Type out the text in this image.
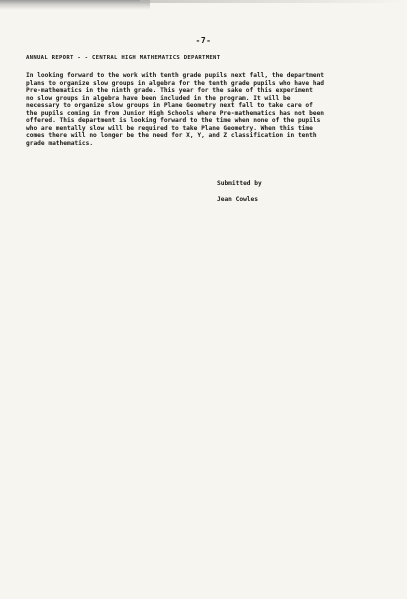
-7-
ANNUAL REPORT - - CENTRAL HIGH MATHEMATICS DEPARTMENT
In looking forward to the work with tenth grade pupils next fall, the department
plans to organize slow groups in algebra for the tenth grade pupils who have had
Pre-mathematics in the ninth grade. This year for the sake of this experiment
no slow groups in algebra have been included in the program. It will be
necessary to organize slow groups in Plane Geometry next fall to take care of
the pupils coming in from Junior High Schools where Pre-mathematics has not been
offered. This department is looking forward to the time when none of the pupils
who are mentally slow will be required to take Plane Geometry. When this time
comes there will no longer be the need for X, Y, and Z classification in tenth
grade mathematics.
Submitted by
Jean Cowles
